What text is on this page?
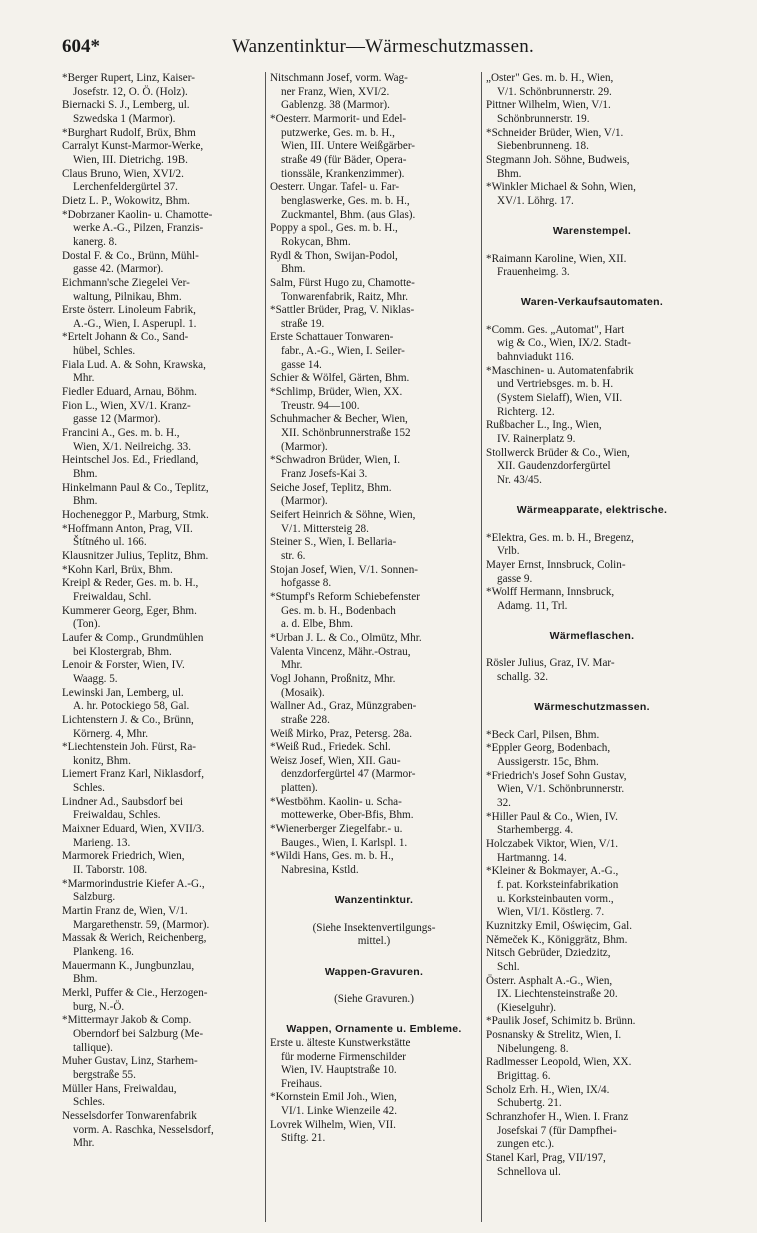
604*	Wanzentinktur—Wärmeschutzmassen.
*Berger Rupert, Linz, Kaiser-
Josefstr. 12, O. Ö. (Holz).
Biernacki S. J., Lemberg, ul.
Szwedska 1 (Marmor).
*Burghart Rudolf, Brüx, Bhm
Carralyt Kunst-Marmor-Werke,
Wien, III. Dietrichg. 19B.
Claus Bruno, Wien, XVI/2.
Lerchenfeldergürtel 37.
Dietz L. P., Wokowitz, Bhm.
*Dobrzaner Kaolin- u. Chamotte-
werke A.-G., Pilzen, Franzis-
kanerg. 8.
Dostal F. & Co., Brünn, Mühl-
gasse 42. (Marmor).
Eichmann'sche Ziegelei Ver-
waltung, Pilnikau, Bhm.
Erste österr. Linoleum Fabrik,
A.-G., Wien, I. Asperupl. 1.
*Ertelt Johann & Co., Sand-
hübel, Schles.
Fiala Lud. A. & Sohn, Krawska,
Mhr.
Fiedler Eduard, Arnau, Böhm.
Fion L., Wien, XV/1. Kranz-
gasse 12 (Marmor).
Francini A., Ges. m. b. H.,
Wien, X/1. Neilreichg. 33.
Heintschel Jos. Ed., Friedland,
Bhm.
Hinkelmann Paul & Co., Teplitz,
Bhm.
Hocheneggor P., Marburg, Stmk.
*Hoffmann Anton, Prag, VII.
Štítného ul. 166.
Klausnitzer Julius, Teplitz, Bhm.
*Kohn Karl, Brüx, Bhm.
Kreipl & Reder, Ges. m. b. H.,
Freiwaldau, Schl.
Kummerer Georg, Eger, Bhm.
(Ton).
Laufer & Comp., Grundmühlen
bei Klostergrab, Bhm.
Lenoir & Forster, Wien, IV.
Waagg. 5.
Lewinski Jan, Lemberg, ul.
A. hr. Potockiego 58, Gal.
Lichtenstern J. & Co., Brünn,
Körnerg. 4, Mhr.
*Liechtenstein Joh. Fürst, Ra-
konitz, Bhm.
Liemert Franz Karl, Niklasdorf,
Schles.
Lindner Ad., Saubsdorf bei
Freiwaldau, Schles.
Maixner Eduard, Wien, XVII/3.
Marieng. 13.
Marmorek Friedrich, Wien,
II. Taborstr. 108.
*Marmorindustrie Kiefer A.-G.,
Salzburg.
Martin Franz de, Wien, V/1.
Margarethenstr. 59, (Marmor).
Massak & Werich, Reichenberg,
Plankeng. 16.
Mauermann K., Jungbunzlau,
Bhm.
Merkl, Puffer & Cie., Herzogen-
burg, N.-Ö.
*Mittermayr Jakob & Comp.
Oberndorf bei Salzburg (Me-
tallique).
Muher Gustav, Linz, Starhem-
bergstraße 55.
Müller Hans, Freiwaldau,
Schles.
Nesselsdorfer Tonwarenfabrik
vorm. A. Raschka, Nesselsdorf,
Mhr.
Nitschmann Josef, vorm. Wag-
ner Franz, Wien, XVI/2.
Gablenzg. 38 (Marmor).
*Oesterr. Marmorit- und Edel-
putzwerke, Ges. m. b. H.,
Wien, III. Untere Weißgärber-
straße 49 (für Bäder, Opera-
tionssäle, Krankenzimmer).
Oesterr. Ungar. Tafel- u. Far-
benglaswerke, Ges. m. b. H.,
Zuckmantel, Bhm. (aus Glas).
Poppy a spol., Ges. m. b. H.,
Rokycan, Bhm.
Rydl & Thon, Swijan-Podol,
Bhm.
Salm, Fürst Hugo zu, Chamotte-
Tonwarenfabrik, Raitz, Mhr.
*Sattler Brüder, Prag, V. Niklas-
straße 19.
Erste Schattauer Tonwaren-
fabr., A.-G., Wien, I. Seiler-
gasse 14.
Schier & Wölfel, Gärten, Bhm.
*Schlimp, Brüder, Wien, XX.
Treustr. 94—100.
Schuhmacher & Becher, Wien,
XII. Schönbrunnerstraße 152
(Marmor).
*Schwadron Brüder, Wien, I.
Franz Josefs-Kai 3.
Seiche Josef, Teplitz, Bhm.
(Marmor).
Seifert Heinrich & Söhne, Wien,
V/1. Mittersteig 28.
Steiner S., Wien, I. Bellaria-
str. 6.
Stojan Josef, Wien, V/1. Sonnen-
hofgasse 8.
*Stumpf's Reform Schiebefenster
Ges. m. b. H., Bodenbach
a. d. Elbe, Bhm.
*Urban J. L. & Co., Olmütz, Mhr.
Valenta Vincenz, Mähr.-Ostrau,
Mhr.
Vogl Johann, Proßnitz, Mhr.
(Mosaik).
Wallner Ad., Graz, Münzgraben-
straße 228.
Weiß Mirko, Praz, Petersg. 28a.
*Weiß Rud., Friedek. Schl.
Weisz Josef, Wien, XII. Gau-
denzdorfergürtel 47 (Marmor-
platten).
*Westböhm. Kaolin- u. Scha-
mottewerke, Ober-Bfis, Bhm.
*Wienerberger Ziegelfabr.- u.
Bauges., Wien, I. Karlspl. 1.
*Wildi Hans, Ges. m. b. H.,
Nabresina, Kstld.
Wanzentinktur.
(Siehe Insektenvertilgungs-
mittel.)
Wappen-Gravuren.
(Siehe Gravuren.)
Wappen, Ornamente u. Embleme.
Erste u. älteste Kunstwerkstätte
für moderne Firmenschilder
Wien, IV. Hauptstraße 10.
Freihaus.
*Kornstein Emil Joh., Wien,
VI/1. Linke Wienzeile 42.
Lovrek Wilhelm, Wien, VII.
Stiftg. 21.
„Oster" Ges. m. b. H., Wien,
V/1. Schönbrunnerstr. 29.
Pittner Wilhelm, Wien, V/1.
Schönbrunnerstr. 19.
*Schneider Brüder, Wien, V/1.
Siebenbrunneng. 18.
Stegmann Joh. Söhne, Budweis,
Bhm.
*Winkler Michael & Sohn, Wien,
XV/1. Löhrg. 17.
Warenstempel.
*Raimann Karoline, Wien, XII.
Frauenheimg. 3.
Waren-Verkaufsautomaten.
*Comm. Ges. „Automat", Hart
wig & Co., Wien, IX/2. Stadt-
bahnviadukt 116.
*Maschinen- u. Automatenfabrik
und Vertriebsges. m. b. H.
(System Sielaff), Wien, VII.
Richterg. 12.
Rußbacher L., Ing., Wien,
IV. Rainerplatz 9.
Stollwerck Brüder & Co., Wien,
XII. Gaudenzdorfergürtel
Nr. 43/45.
Wärmeapparate, elektrische.
*Elektra, Ges. m. b. H., Bregenz,
Vrlb.
Mayer Ernst, Innsbruck, Colin-
gasse 9.
*Wolff Hermann, Innsbruck,
Adamg. 11, Trl.
Wärmeflaschen.
Rösler Julius, Graz, IV. Mar-
schallg. 32.
Wärmeschutzmassen.
*Beck Carl, Pilsen, Bhm.
*Eppler Georg, Bodenbach,
Aussigerstr. 15c, Bhm.
*Friedrich's Josef Sohn Gustav,
Wien, V/1. Schönbrunnerstr.
32.
*Hiller Paul & Co., Wien, IV.
Starhembergg. 4.
Holczabek Viktor, Wien, V/1.
Hartmanng. 14.
*Kleiner & Bokmayer, A.-G.,
f. pat. Korksteinfabrikation
u. Korksteinbauten vorm.,
Wien, VI/1. Köstlerg. 7.
Kuznitzky Emil, Oświęcim, Gal.
Němeček K., Königgrätz, Bhm.
Nitsch Gebrüder, Dziedzitz,
Schl.
Österr. Asphalt A.-G., Wien,
IX. Liechtensteinstraße 20.
(Kieselguhr).
*Paulik Josef, Schimitz b. Brünn.
Posnansky & Strelitz, Wien, I.
Nibelungeng. 8.
Radlmesser Leopold, Wien, XX.
Brigittag. 6.
Scholz Erh. H., Wien, IX/4.
Schubertg. 21.
Schranzhofer H., Wien. I. Franz
Josefskai 7 (für Dampfhei-
zungen etc.).
Stanel Karl, Prag, VII/197,
Schnellova ul.
